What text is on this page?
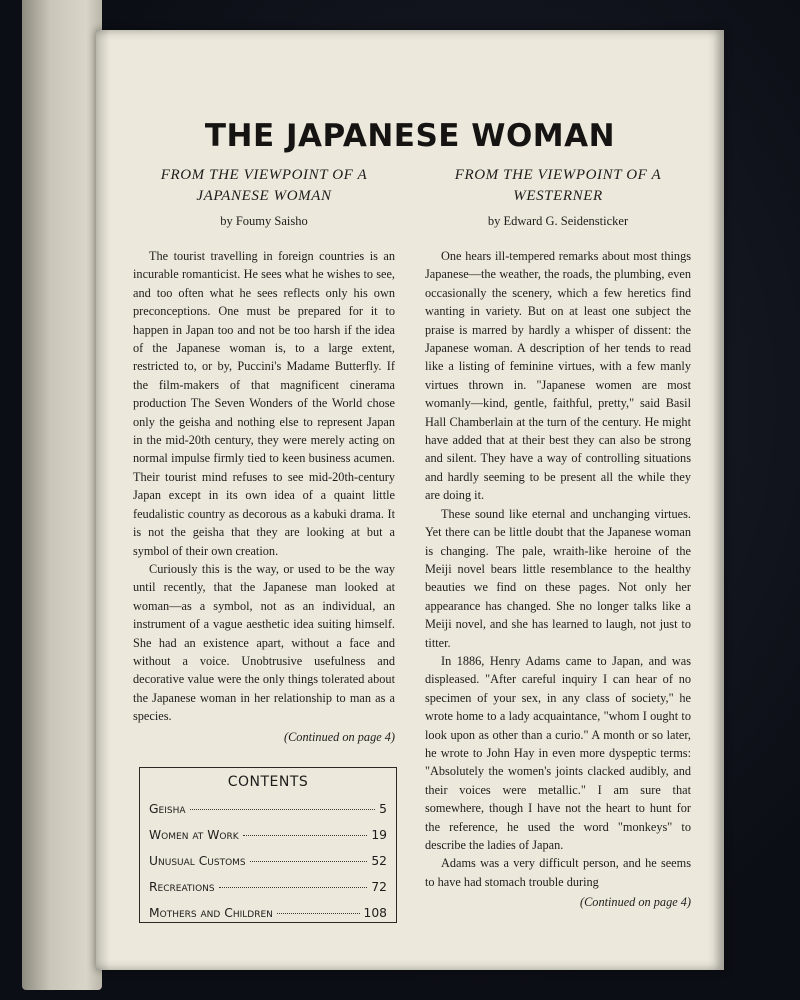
THE JAPANESE WOMAN

FROM THE VIEWPOINT OF A
JAPANESE WOMAN

by Foumy Saisho

The tourist travelling in foreign countries is an incurable romanticist. He sees what he wishes to see, and too often what he sees reflects only his own preconceptions. One must be prepared for it to happen in Japan too and not be too harsh if the idea of the Japanese woman is, to a large extent, restricted to, or by, Puccini's Madame Butterfly. If the film-makers of that magnificent cinerama production The Seven Wonders of the World chose only the geisha and nothing else to represent Japan in the mid-20th century, they were merely acting on normal impulse firmly tied to keen business acumen. Their tourist mind refuses to see mid-20th-century Japan except in its own idea of a quaint little feudalistic country as decorous as a kabuki drama. It is not the geisha that they are looking at but a symbol of their own creation.

Curiously this is the way, or used to be the way until recently, that the Japanese man looked at woman—as a symbol, not as an individual, an instrument of a vague aesthetic idea suiting himself. She had an existence apart, without a face and without a voice. Unobtrusive usefulness and decorative value were the only things tolerated about the Japanese woman in her relationship to man as a species.

(Continued on page 4)

FROM THE VIEWPOINT OF A
WESTERNER

by Edward G. Seidensticker

One hears ill-tempered remarks about most things Japanese—the weather, the roads, the plumbing, even occasionally the scenery, which a few heretics find wanting in variety. But on at least one subject the praise is marred by hardly a whisper of dissent: the Japanese woman. A description of her tends to read like a listing of feminine virtues, with a few manly virtues thrown in. "Japanese women are most womanly—kind, gentle, faithful, pretty," said Basil Hall Chamberlain at the turn of the century. He might have added that at their best they can also be strong and silent. They have a way of controlling situations and hardly seeming to be present all the while they are doing it.

These sound like eternal and unchanging virtues. Yet there can be little doubt that the Japanese woman is changing. The pale, wraith-like heroine of the Meiji novel bears little resemblance to the healthy beauties we find on these pages. Not only her appearance has changed. She no longer talks like a Meiji novel, and she has learned to laugh, not just to titter.

In 1886, Henry Adams came to Japan, and was displeased. "After careful inquiry I can hear of no specimen of your sex, in any class of society," he wrote home to a lady acquaintance, "whom I ought to look upon as other than a curio." A month or so later, he wrote to John Hay in even more dyspeptic terms: "Absolutely the women's joints clacked audibly, and their voices were metallic." I am sure that somewhere, though I have not the heart to hunt for the reference, he used the word "monkeys" to describe the ladies of Japan.

Adams was a very difficult person, and he seems to have had stomach trouble during

(Continued on page 4)
CONTENTS
Geisha	5
Women at Work	19
Unusual Customs	52
Recreations	72
Mothers and Children	108
